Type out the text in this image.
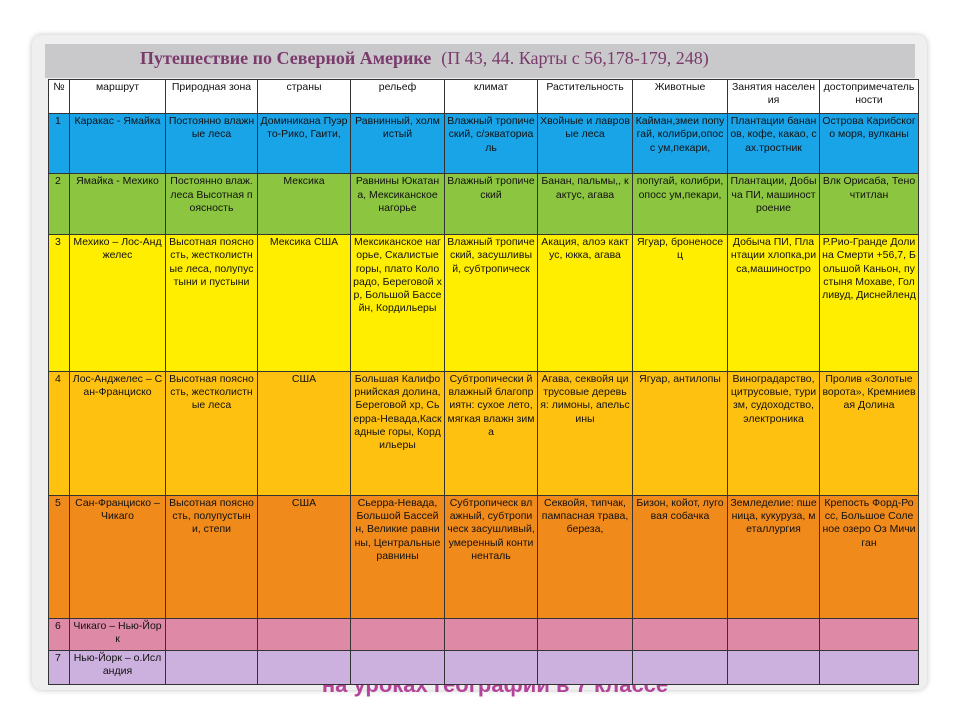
на уроках географии в 7 классе
Путешествие по Северной Америке (П 43, 44. Карты с 56,178-179, 248)
№	маршрут	Природная зона	страны	рельеф	климат	Растительность	Животные	Занятия населения	достопримечательности
1	Каракас - Ямайка	Постоянно влажные леса	Доминикана Пуэрто-Рико, Гаити,	Равнинный, холмистый	Влажный тропический, с/экваториаль	Хвойные и лавровые леса	Кайман,змеи попугай, колибри,опосс ум,пекари,	Плантации бананов, кофе, какао, сах.тростник	Острова Карибского моря, вулканы
2	Ямайка - Мехико	Постоянно влаж. леса Высотная поясность	Мексика	Равнины Юкатана, Мексиканское нагорье	Влажный тропический	Банан, пальмы,, кактус, агава	попугай, колибри,опосс ум,пекари,	Плантации, Добыча ПИ, машиностроение	Влк Орисаба, Теночтитлан
3	Мехико – Лос-Анджелес	Высотная поясность, жестколистные леса, полупустыни и пустыни	Мексика США	Мексиканское нагорье, Скалистые горы, плато Колорадо, Береговой хр, Большой Бассейн, Кордильеры	Влажный тропический, засушливый, субтропическ	Акация, алоэ кактус, юкка, агава	Ягуар, броненосец	Добыча ПИ, Плантации хлопка,риса,машиностро	Р.Рио-Гранде Долина Смерти +56,7, Большой Каньон, пустыня Мохаве, Голливуд, Диснейленд
4	Лос-Анджелес – Сан-Франциско	Высотная поясность, жестколистные леса	США	Большая Калифорнийская долина, Береговой хр, Сьерра-Невада,Каскадные горы, Кордильеры	Субтропически й влажный благоприятн: сухое лето, мягкая влажн зима	Агава, секвойя цитрусовые деревья: лимоны, апельсины	Ягуар, антилопы	Виноградарство, цитрусовые, туризм, судоходство, электроника	Пролив «Золотые ворота», Кремниевая Долина
5	Сан-Франциско – Чикаго	Высотная поясность, полупустыни, степи	США	Сьерра-Невада, Большой Бассейн, Великие равнины, Центральные равнины	Субтропическ влажный, субтропическ засушливый, умеренный континенталь	Секвойя, типчак, пампасная трава, береза,	Бизон, койот, луговая собачка	Земледелие: пшеница, кукуруза, металлургия	Крепость Форд-Росс, Большое Соленое озеро Оз Мичиган
6	Чикаго – Нью-Йорк								
7	Нью-Йорк – о.Исландия								
